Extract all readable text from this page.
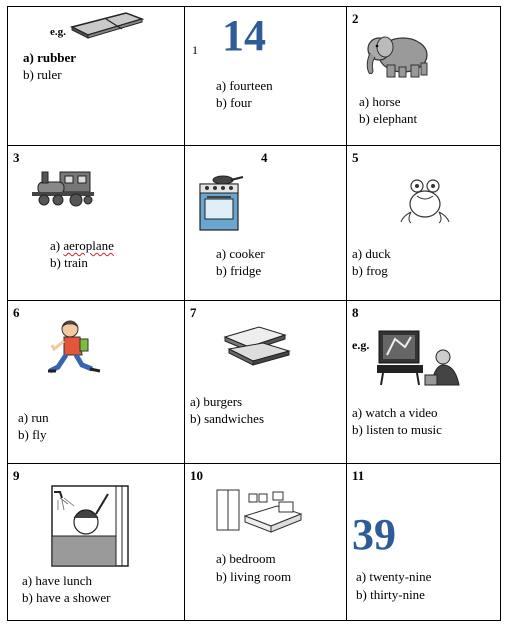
e.g.
a) rubber
b) ruler	1 14
a) fourteen
b) four	2
a) horse
b) elephant

3
a) aeroplane
b) train	4
a) cooker
b) fridge	5
a) duck
b) frog

6
a) run
b) fly	7
a) burgers
b) sandwiches	8
e.g.
a) watch a video
b) listen to music

9
a) have lunch
b) have a shower	10
a) bedroom
b) living room	11
39
a) twenty-nine
b) thirty-nine
